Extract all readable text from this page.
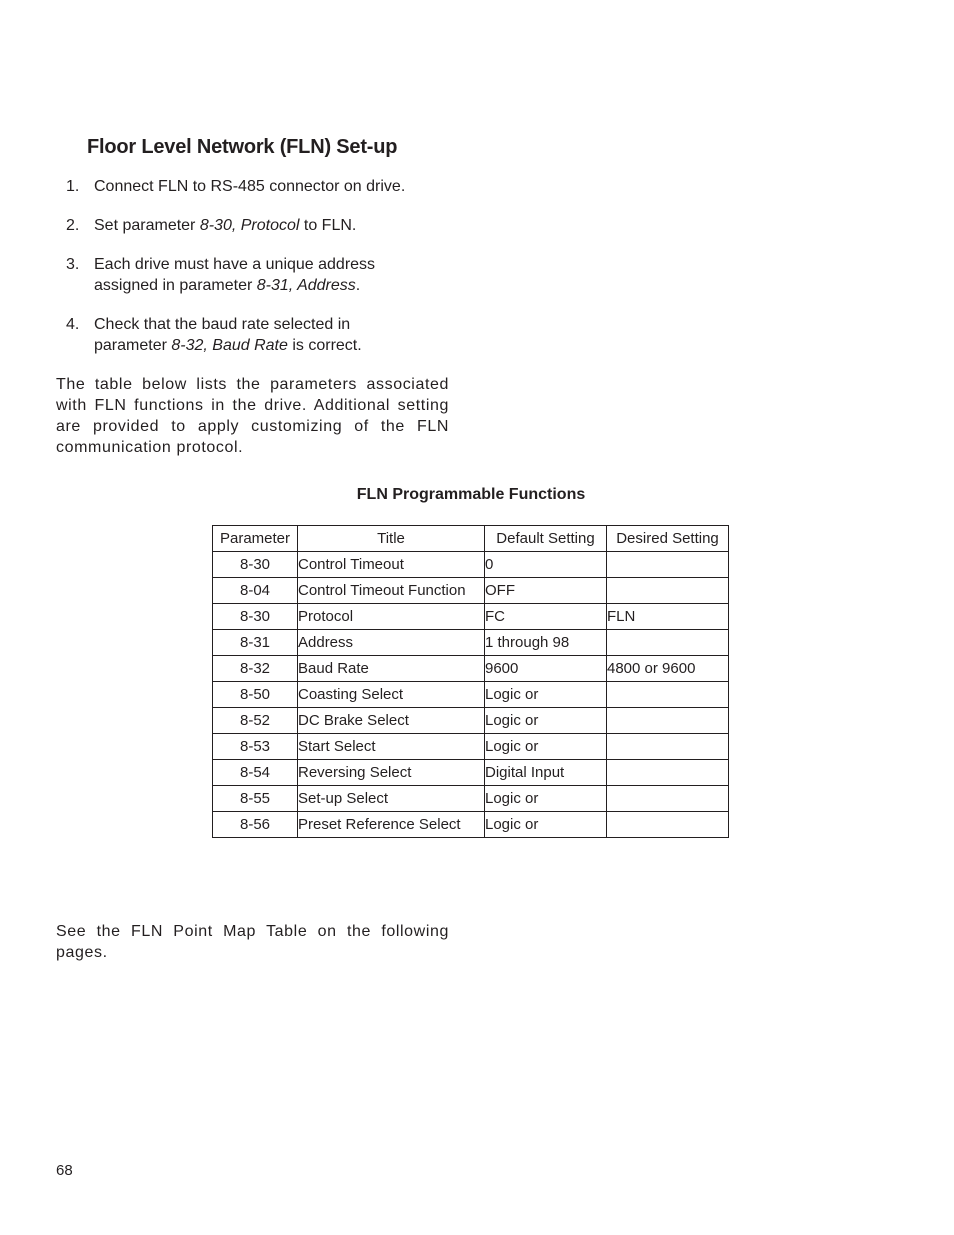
Floor Level Network (FLN) Set-up
1. Connect FLN to RS-485 connector on drive.
2. Set parameter 8-30, Protocol to FLN.
3. Each drive must have a unique address assigned in parameter 8-31, Address.
4. Check that the baud rate selected in parameter 8-32, Baud Rate is correct.
The table below lists the parameters associated with FLN functions in the drive. Additional setting are provided to apply customizing of the FLN communication protocol.
FLN Programmable Functions
Parameter	Title	Default Setting	Desired Setting
8-30	Control Timeout	0	
8-04	Control Timeout Function	OFF	
8-30	Protocol	FC	FLN
8-31	Address	1 through 98	
8-32	Baud Rate	9600	4800 or 9600
8-50	Coasting Select	Logic or	
8-52	DC Brake Select	Logic or	
8-53	Start Select	Logic or	
8-54	Reversing Select	Digital Input	
8-55	Set-up Select	Logic or	
8-56	Preset Reference Select	Logic or	
See the FLN Point Map Table on the following pages.
68
